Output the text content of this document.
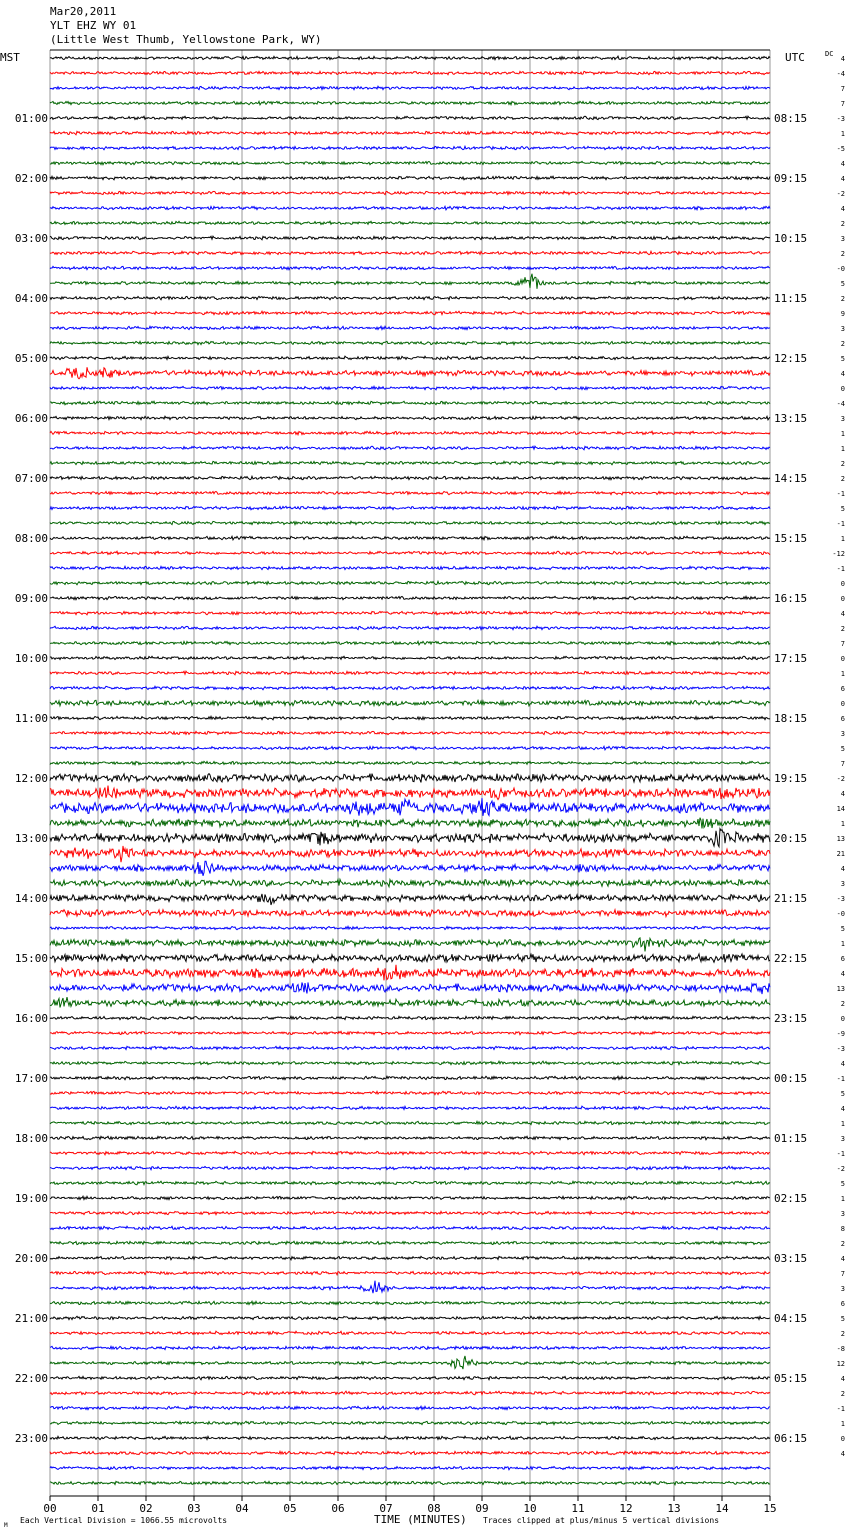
Mar20,2011
YLT EHZ WY 01
(Little West Thumb, Yellowstone Park, WY)
MST	UTC	DC
01:00
02:00
03:00
04:00
05:00
06:00
07:00
08:00
09:00
10:00
11:00
12:00
13:00
14:00
15:00
16:00
17:00
18:00
19:00
20:00
21:00
22:00
23:00
08:15
09:15
10:15
11:15
12:15
13:15
14:15
15:15
16:15
17:15
18:15
19:15
20:15
21:15
22:15
23:15
00:15
01:15
02:15
03:15
04:15
05:15
06:15
4
-4
7
7
-3
1
-5
4
4
-2
4
2
3
2
-0
5
2
9
3
2
5
4
0
-4
3
1
1
2
2
-1
5
-1
1
-12
-1
0
0
4
2
7
0
1
6
0
6
3
5
7
-2
4
14
1
13
21
4
3
-3
-0
5
1
6
4
13
2
0
-9
-3
4
-1
5
4
1
3
-1
-2
5
1
3
8
2
4
7
3
6
5
2
-8
12
4
2
-1
1
0
4
00	01	02	03	04	05	06	07	08	09	10	11	12	13	14	15
M
Each Vertical Division = 1066.55 microvolts	TIME (MINUTES) Traces clipped at plus/minus 5 vertical divisions
